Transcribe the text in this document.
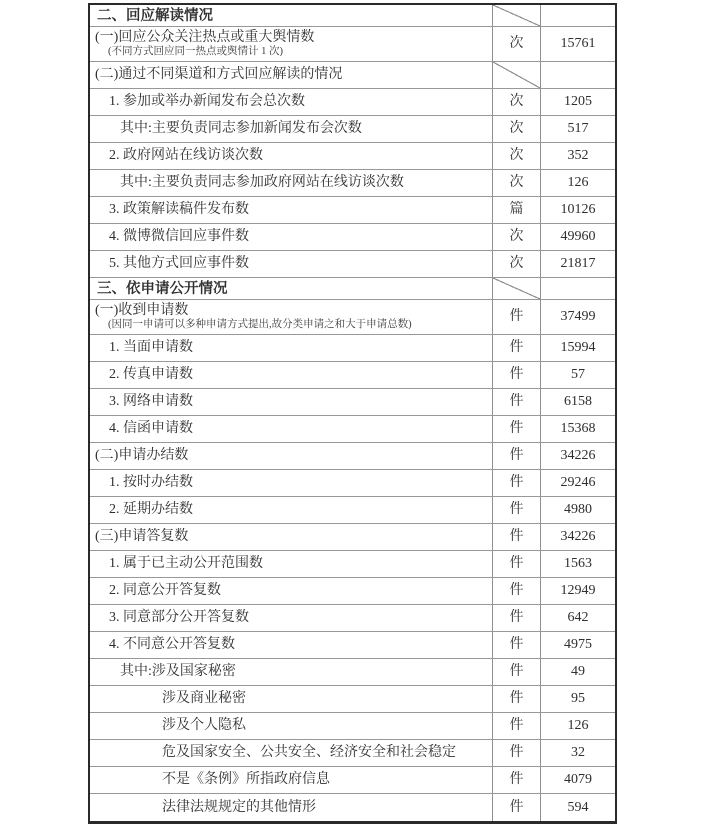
二、回应解读情况
(一)回应公众关注热点或重大舆情数
(不同方式回应同一热点或舆情计 1 次)
次	15761
(二)通过不同渠道和方式回应解读的情况
1. 参加或举办新闻发布会总次数	次	1205
其中:主要负责同志参加新闻发布会次数	次	517
2. 政府网站在线访谈次数	次	352
其中:主要负责同志参加政府网站在线访谈次数	次	126
3. 政策解读稿件发布数	篇	10126
4. 微博微信回应事件数	次	49960
5. 其他方式回应事件数	次	21817
三、依申请公开情况
(一)收到申请数
(因同一申请可以多种申请方式提出,故分类申请之和大于申请总数)
件	37499
1. 当面申请数	件	15994
2. 传真申请数	件	57
3. 网络申请数	件	6158
4. 信函申请数	件	15368
(二)申请办结数	件	34226
1. 按时办结数	件	29246
2. 延期办结数	件	4980
(三)申请答复数	件	34226
1. 属于已主动公开范围数	件	1563
2. 同意公开答复数	件	12949
3. 同意部分公开答复数	件	642
4. 不同意公开答复数	件	4975
其中:涉及国家秘密	件	49
涉及商业秘密	件	95
涉及个人隐私	件	126
危及国家安全、公共安全、经济安全和社会稳定	件	32
不是《条例》所指政府信息	件	4079
法律法规规定的其他情形	件	594
